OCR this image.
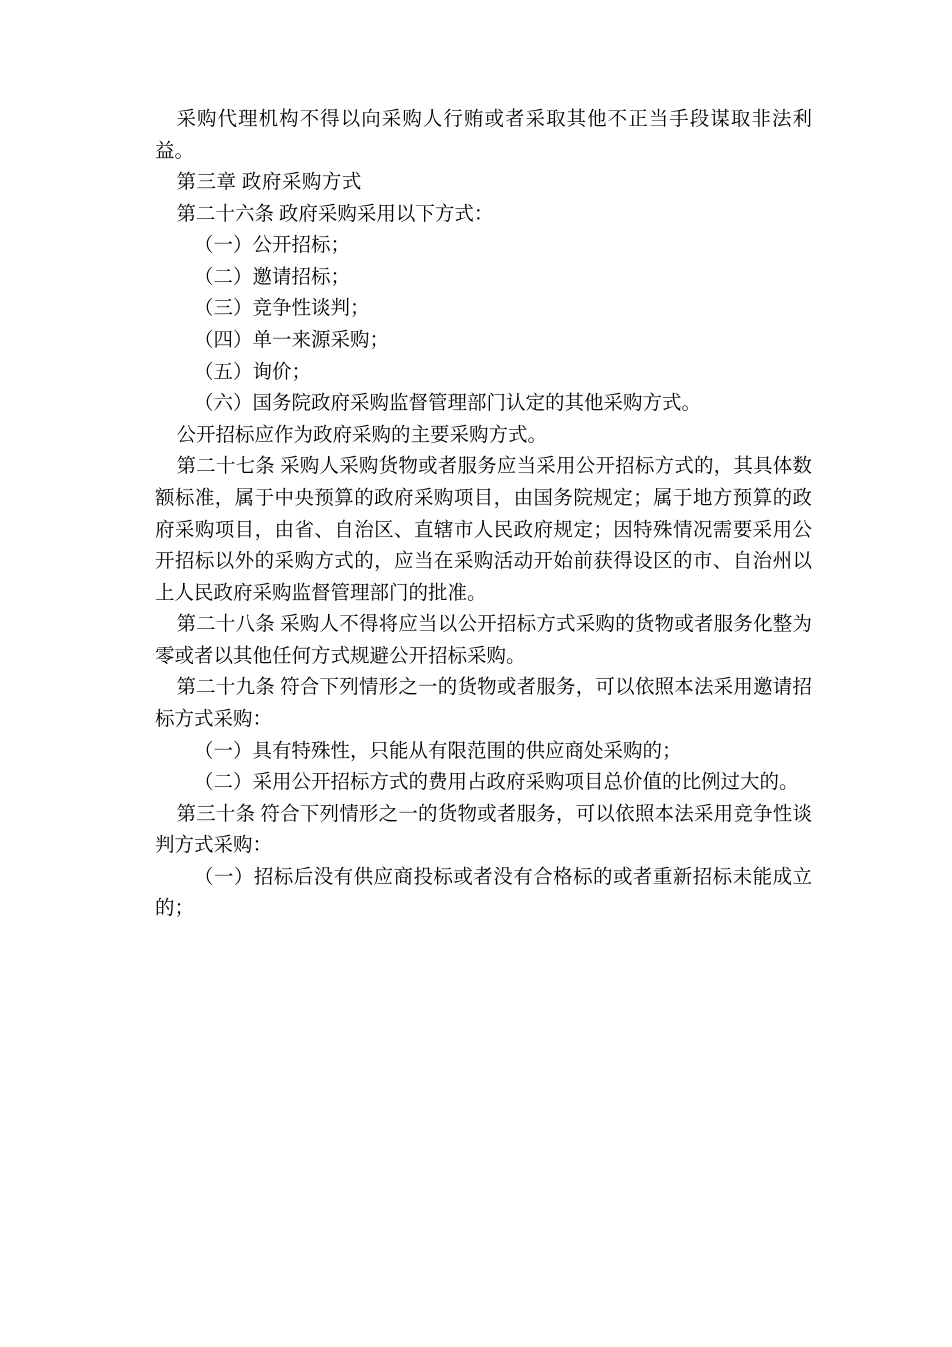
采购代理机构不得以向采购人行贿或者采取其他不正当手段谋取非法利益。

第三章 政府采购方式

第二十六条 政府采购采用以下方式：

（一）公开招标；

（二）邀请招标；

（三）竞争性谈判；

（四）单一来源采购；

（五）询价；

（六）国务院政府采购监督管理部门认定的其他采购方式。

公开招标应作为政府采购的主要采购方式。

第二十七条 采购人采购货物或者服务应当采用公开招标方式的，其具体数额标准，属于中央预算的政府采购项目，由国务院规定；属于地方预算的政府采购项目，由省、自治区、直辖市人民政府规定；因特殊情况需要采用公开招标以外的采购方式的，应当在采购活动开始前获得设区的市、自治州以上人民政府采购监督管理部门的批准。

第二十八条 采购人不得将应当以公开招标方式采购的货物或者服务化整为零或者以其他任何方式规避公开招标采购。

第二十九条 符合下列情形之一的货物或者服务，可以依照本法采用邀请招标方式采购：

（一）具有特殊性，只能从有限范围的供应商处采购的；

（二）采用公开招标方式的费用占政府采购项目总价值的比例过大的。

第三十条 符合下列情形之一的货物或者服务，可以依照本法采用竞争性谈判方式采购：

（一）招标后没有供应商投标或者没有合格标的或者重新招标未能成立的；
